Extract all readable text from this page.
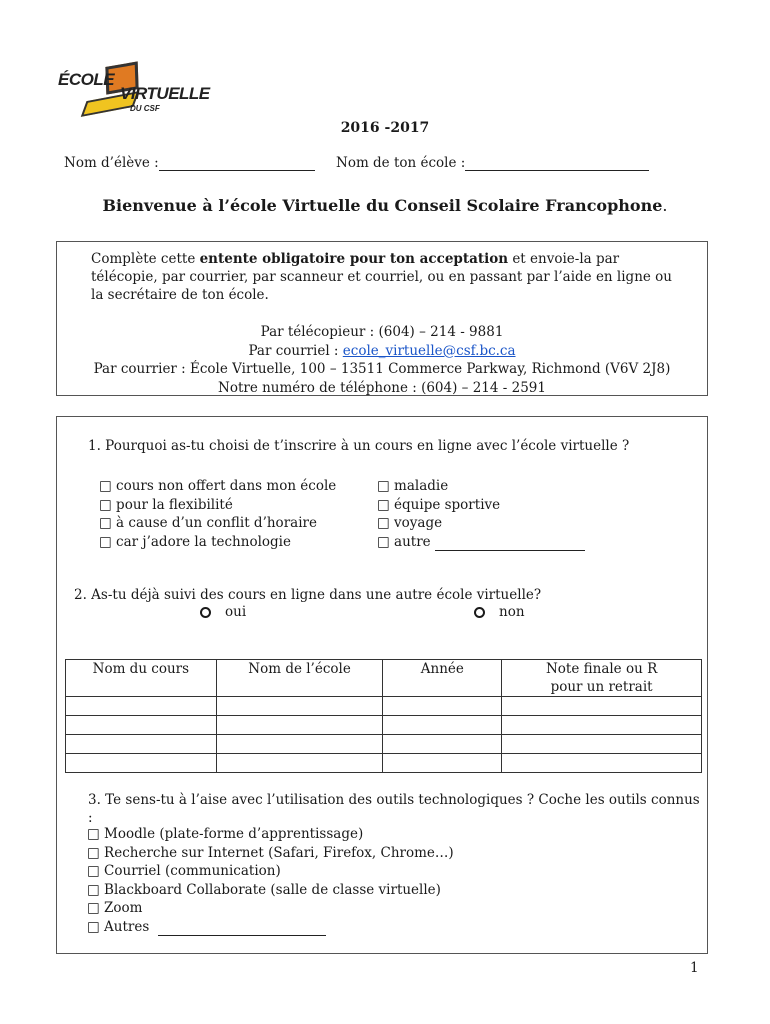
ÉCOLE
VIRTUELLE
DU CSF
2016 -2017
Nom d’élève :	Nom de ton école :
Bienvenue à l’école Virtuelle du Conseil Scolaire Francophone.
Complète cette entente obligatoire pour ton acceptation et envoie-la par télécopie, par courrier, par scanneur et courriel, ou en passant par l’aide en ligne ou la secrétaire de ton école.
Par télécopieur : (604) – 214 - 9881
Par courriel : ecole_virtuelle@csf.bc.ca
Par courrier : École Virtuelle, 100 – 13511 Commerce Parkway, Richmond (V6V 2J8)
Notre numéro de téléphone : (604) – 214 - 2591
1. Pourquoi as-tu choisi de t’inscrire à un cours en ligne avec l’école virtuelle ?
□ cours non offert dans mon école
□ pour la flexibilité
□ à cause d’un conflit d’horaire
□ car j’adore la technologie
□ maladie
□ équipe sportive
□ voyage
□ autre
2. As-tu déjà suivi des cours en ligne dans une autre école virtuelle?
oui	non
Nom du cours	Nom de l’école	Année	Note finale ou R pour un retrait

3. Te sens-tu à l’aise avec l’utilisation des outils technologiques ? Coche les outils connus :
□ Moodle (plate-forme d’apprentissage)
□ Recherche sur Internet (Safari, Firefox, Chrome…)
□ Courriel (communication)
□ Blackboard Collaborate (salle de classe virtuelle)
□ Zoom
□ Autres
1
